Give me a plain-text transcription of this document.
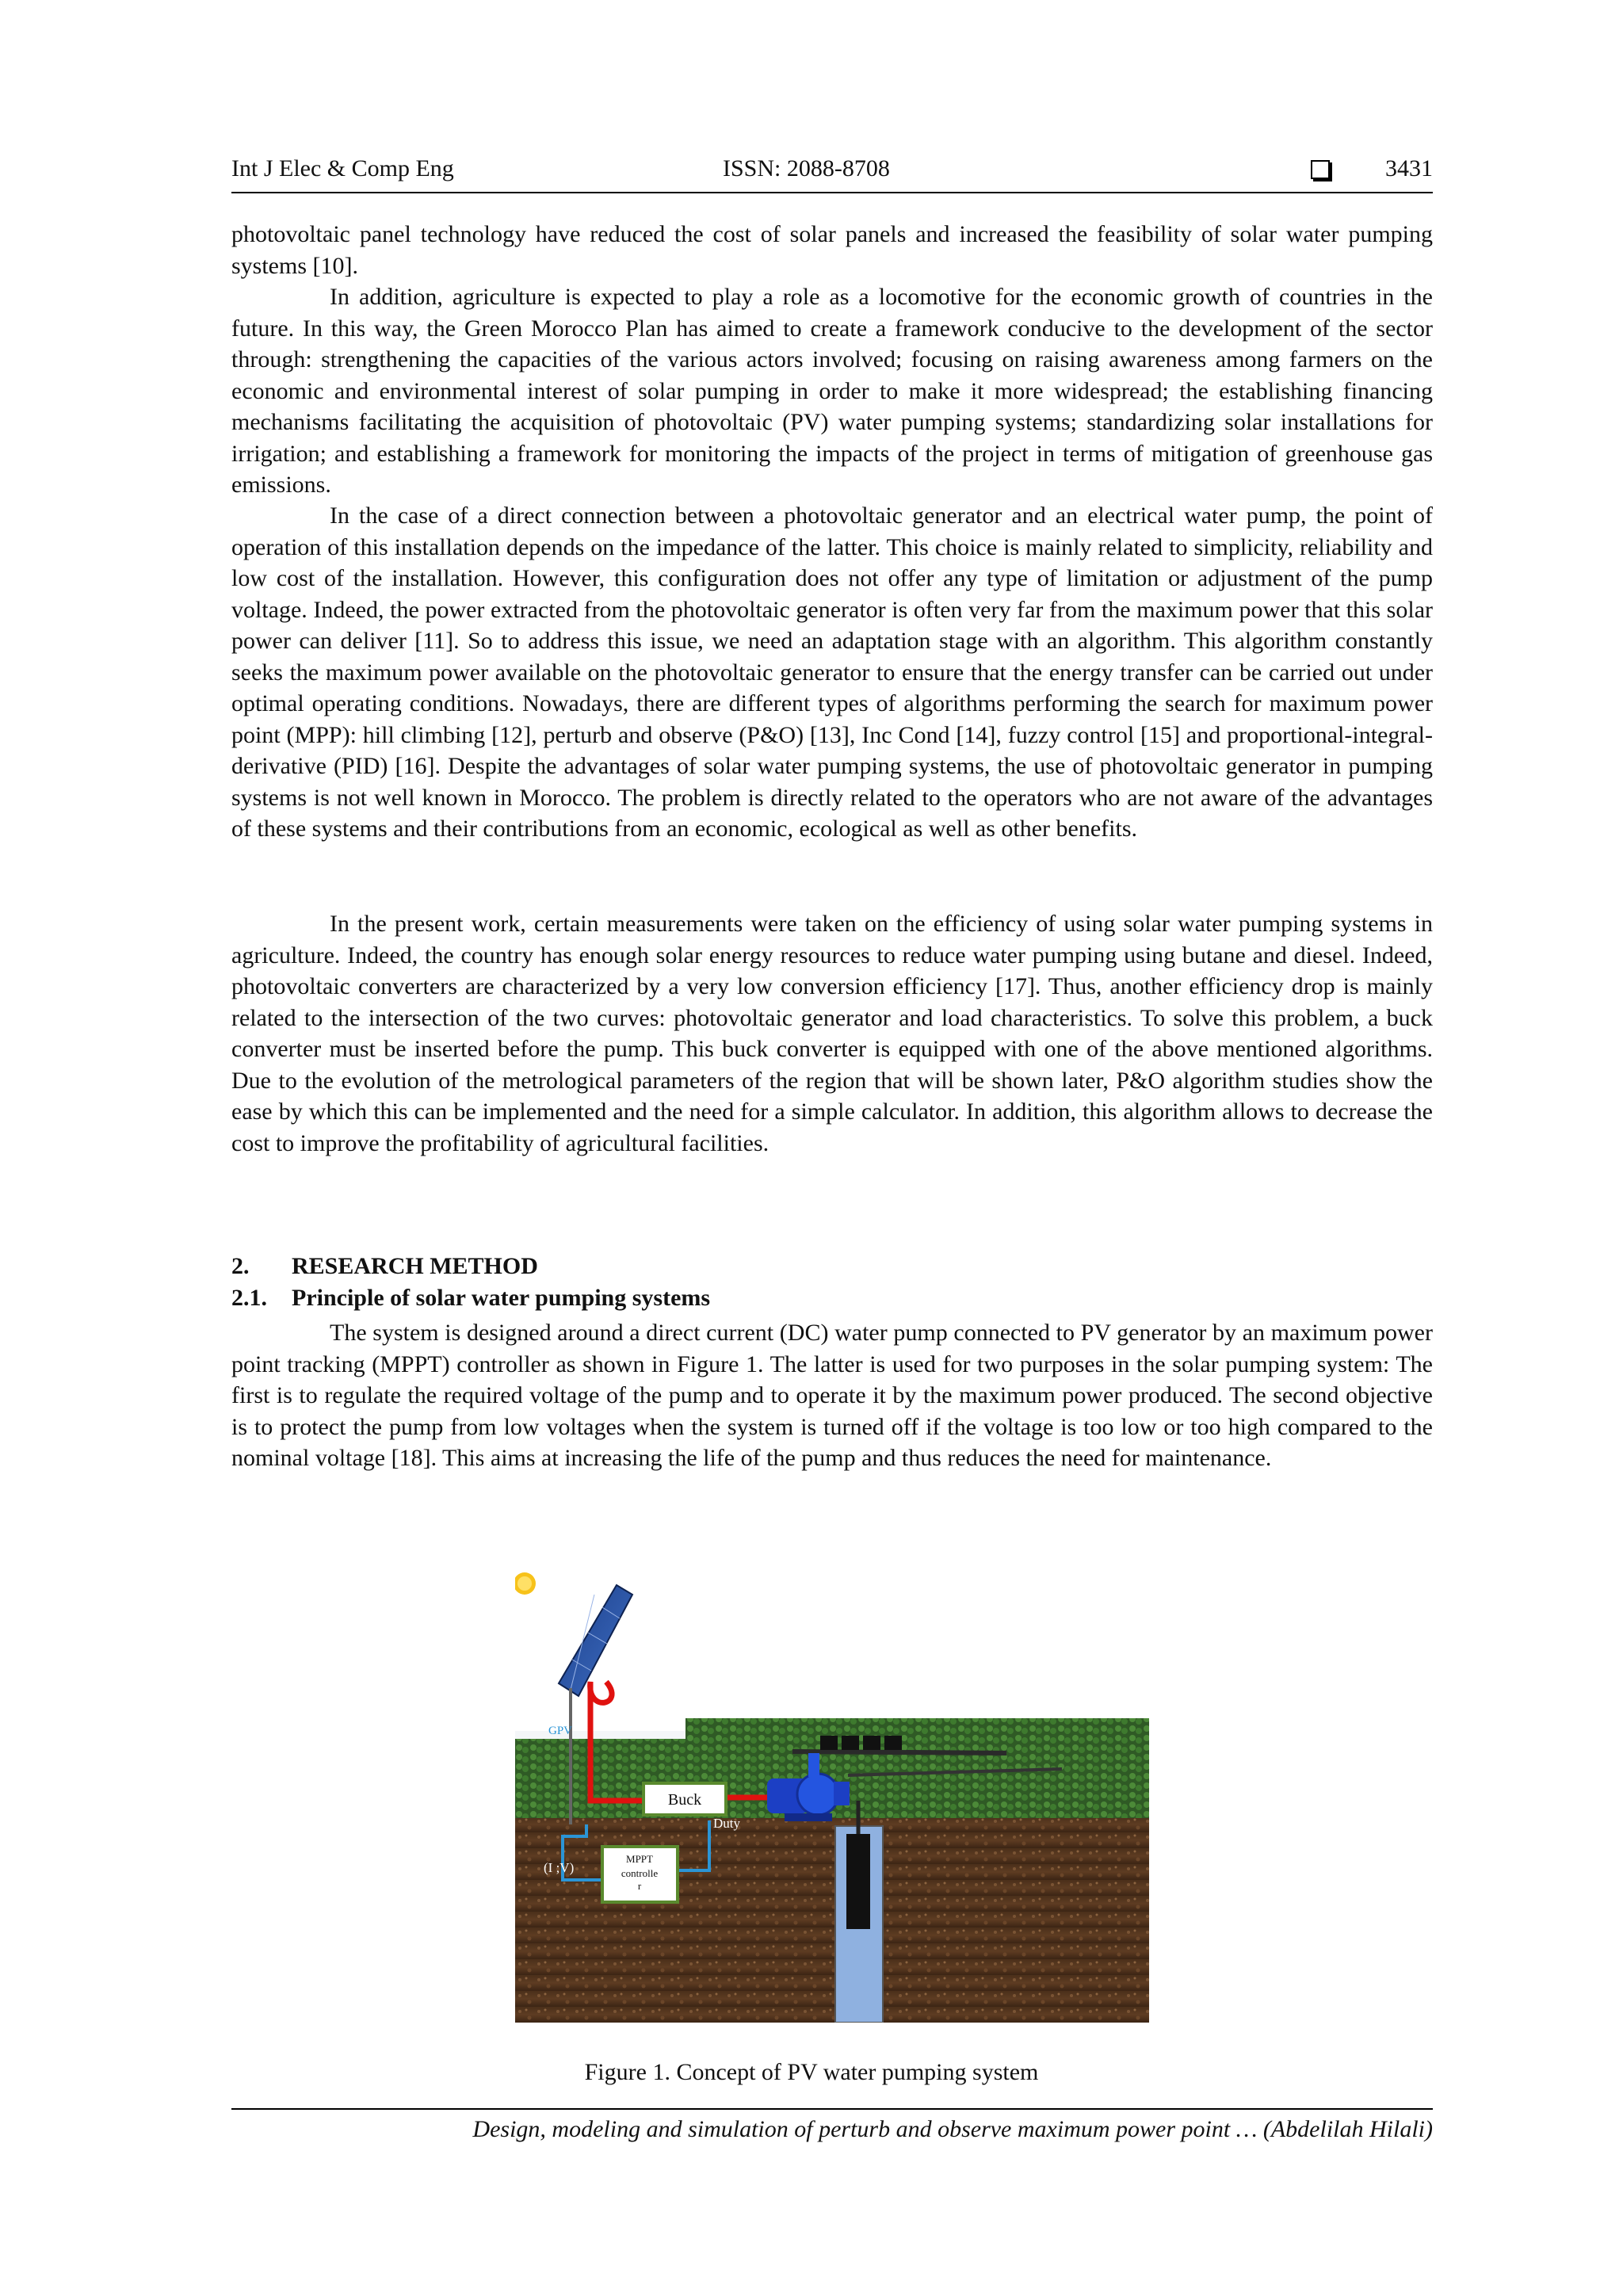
Int J Elec & Comp Eng	ISSN: 2088-8708	3431

photovoltaic panel technology have reduced the cost of solar panels and increased the feasibility of solar water pumping systems [10].

In addition, agriculture is expected to play a role as a locomotive for the economic growth of countries in the future. In this way, the Green Morocco Plan has aimed to create a framework conducive to the development of the sector through: strengthening the capacities of the various actors involved; focusing on raising awareness among farmers on the economic and environmental interest of solar pumping in order to make it more widespread; the establishing financing mechanisms facilitating the acquisition of photovoltaic (PV) water pumping systems; standardizing solar installations for irrigation; and establishing a framework for monitoring the impacts of the project in terms of mitigation of greenhouse gas emissions.

In the case of a direct connection between a photovoltaic generator and an electrical water pump, the point of operation of this installation depends on the impedance of the latter. This choice is mainly related to simplicity, reliability and low cost of the installation. However, this configuration does not offer any type of limitation or adjustment of the pump voltage. Indeed, the power extracted from the photovoltaic generator is often very far from the maximum power that this solar power can deliver [11]. So to address this issue, we need an adaptation stage with an algorithm. This algorithm constantly seeks the maximum power available on the photovoltaic generator to ensure that the energy transfer can be carried out under optimal operating conditions. Nowadays, there are different types of algorithms performing the search for maximum power point (MPP): hill climbing [12], perturb and observe (P&O) [13], Inc Cond [14], fuzzy control [15] and proportional-integral-derivative (PID) [16]. Despite the advantages of solar water pumping systems, the use of photovoltaic generator in pumping systems is not well known in Morocco. The problem is directly related to the operators who are not aware of the advantages of these systems and their contributions from an economic, ecological as well as other benefits.

In the present work, certain measurements were taken on the efficiency of using solar water pumping systems in agriculture. Indeed, the country has enough solar energy resources to reduce water pumping using butane and diesel. Indeed, photovoltaic converters are characterized by a very low conversion efficiency [17]. Thus, another efficiency drop is mainly related to the intersection of the two curves: photovoltaic generator and load characteristics. To solve this problem, a buck converter must be inserted before the pump. This buck converter is equipped with one of the above mentioned algorithms. Due to the evolution of the metrological parameters of the region that will be shown later, P&O algorithm studies show the ease by which this can be implemented and the need for a simple calculator. In addition, this algorithm allows to decrease the cost to improve the profitability of agricultural facilities.

2. RESEARCH METHOD
2.1. Principle of solar water pumping systems

The system is designed around a direct current (DC) water pump connected to PV generator by an maximum power point tracking (MPPT) controller as shown in Figure 1. The latter is used for two purposes in the solar pumping system: The first is to regulate the required voltage of the pump and to operate it by the maximum power produced. The second objective is to protect the pump from low voltages when the system is turned off if the voltage is too low or too high compared to the nominal voltage [18]. This aims at increasing the life of the pump and thus reduces the need for maintenance.

GPV
Buck
MPPT
controlle
r
Duty
(I ;V)
Figure 1. Concept of PV water pumping system
Design, modeling and simulation of perturb and observe maximum power point … (Abdelilah Hilali)
